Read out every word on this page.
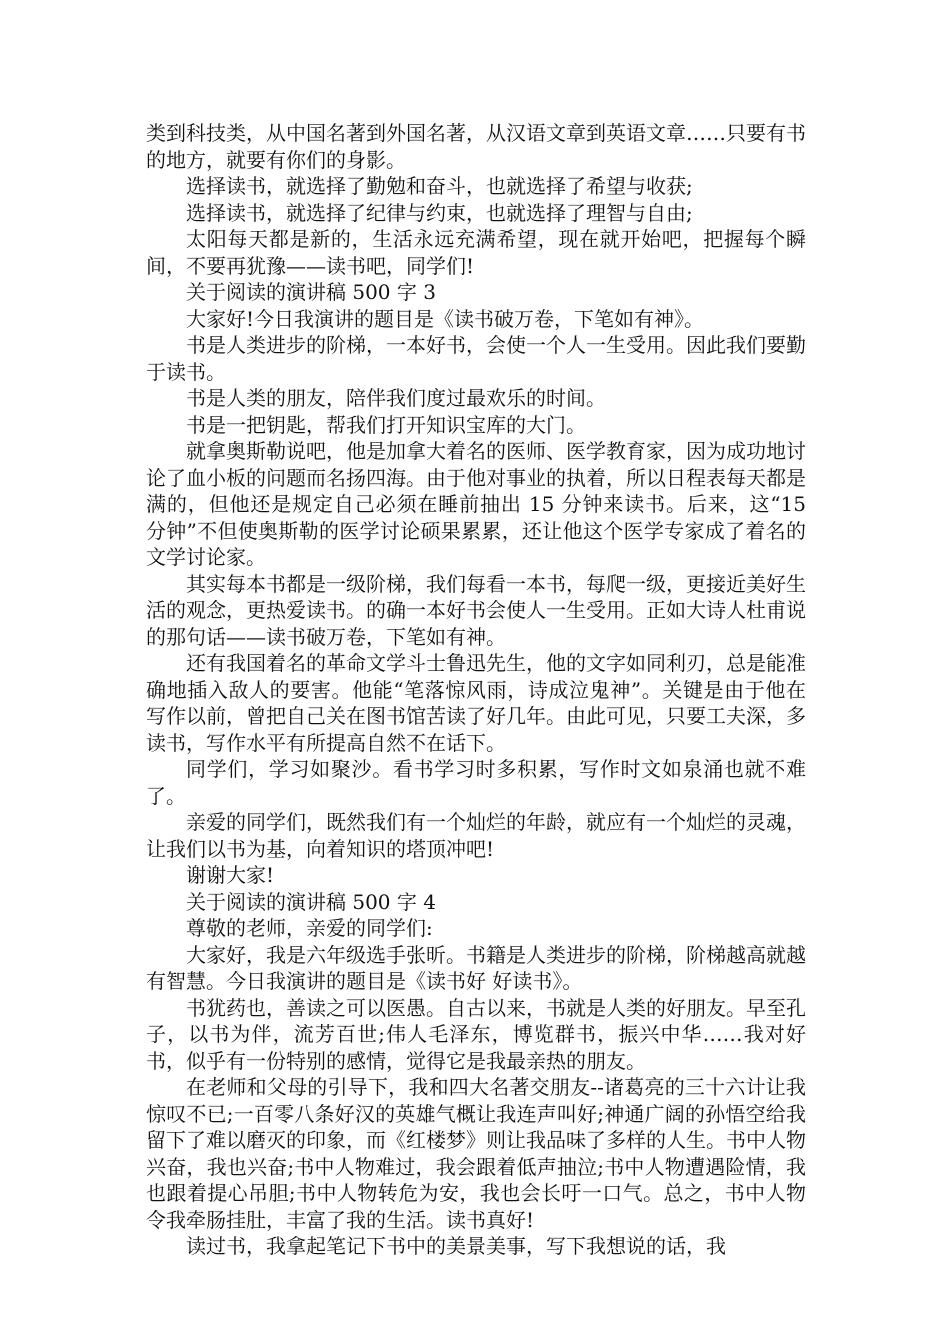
类到科技类，从中国名著到外国名著，从汉语文章到英语文章……只要有书的地方，就要有你们的身影。

选择读书，就选择了勤勉和奋斗，也就选择了希望与收获;

选择读书，就选择了纪律与约束，也就选择了理智与自由;

太阳每天都是新的，生活永远充满希望，现在就开始吧，把握每个瞬间，不要再犹豫——读书吧，同学们!

关于阅读的演讲稿 500 字 3

大家好!今日我演讲的题目是《读书破万卷，下笔如有神》。

书是人类进步的阶梯，一本好书，会使一个人一生受用。因此我们要勤于读书。

书是人类的朋友，陪伴我们度过最欢乐的时间。

书是一把钥匙，帮我们打开知识宝库的大门。

就拿奥斯勒说吧，他是加拿大着名的医师、医学教育家，因为成功地讨论了血小板的问题而名扬四海。由于他对事业的执着，所以日程表每天都是满的，但他还是规定自己必须在睡前抽出 15 分钟来读书。后来，这“15 分钟”不但使奥斯勒的医学讨论硕果累累，还让他这个医学专家成了着名的文学讨论家。

其实每本书都是一级阶梯，我们每看一本书，每爬一级，更接近美好生活的观念，更热爱读书。的确一本好书会使人一生受用。正如大诗人杜甫说的那句话——读书破万卷，下笔如有神。

还有我国着名的革命文学斗士鲁迅先生，他的文字如同利刃，总是能准确地插入敌人的要害。他能“笔落惊风雨，诗成泣鬼神”。关键是由于他在写作以前，曾把自己关在图书馆苦读了好几年。由此可见，只要工夫深，多读书，写作水平有所提高自然不在话下。

同学们，学习如聚沙。看书学习时多积累，写作时文如泉涌也就不难了。

亲爱的同学们，既然我们有一个灿烂的年龄，就应有一个灿烂的灵魂，让我们以书为基，向着知识的塔顶冲吧!

谢谢大家!

关于阅读的演讲稿 500 字 4

尊敬的老师，亲爱的同学们:

大家好，我是六年级选手张昕。书籍是人类进步的阶梯，阶梯越高就越有智慧。今日我演讲的题目是《读书好 好读书》。

书犹药也，善读之可以医愚。自古以来，书就是人类的好朋友。早至孔子，以书为伴，流芳百世;伟人毛泽东，博览群书，振兴中华……我对好书，似乎有一份特别的感情，觉得它是我最亲热的朋友。

在老师和父母的引导下，我和四大名著交朋友--诸葛亮的三十六计让我惊叹不已;一百零八条好汉的英雄气概让我连声叫好;神通广阔的孙悟空给我留下了难以磨灭的印象，而《红楼梦》则让我品味了多样的人生。书中人物兴奋，我也兴奋;书中人物难过，我会跟着低声抽泣;书中人物遭遇险情，我也跟着提心吊胆;书中人物转危为安，我也会长吁一口气。总之，书中人物令我牵肠挂肚，丰富了我的生活。读书真好!

读过书，我拿起笔记下书中的美景美事，写下我想说的话，我
